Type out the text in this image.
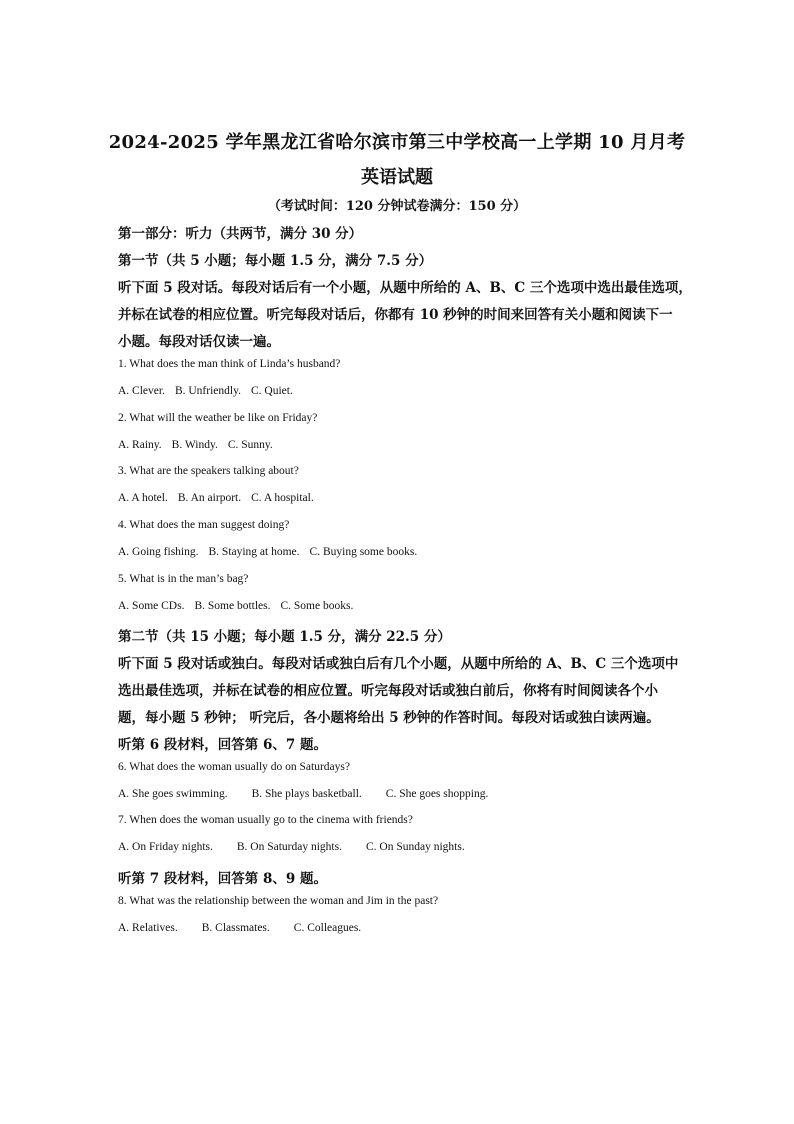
2024-2025 学年黑龙江省哈尔滨市第三中学校高一上学期 10 月月考
英语试题
（考试时间：120 分钟试卷满分：150 分）
第一部分：听力（共两节，满分 30 分）
第一节（共 5 小题；每小题 1.5 分，满分 7.5 分）
听下面 5 段对话。每段对话后有一个小题，从题中所给的 A、B、C 三个选项中选出最佳选项，
并标在试卷的相应位置。听完每段对话后，你都有 10 秒钟的时间来回答有关小题和阅读下一
小题。每段对话仅读一遍。
1. What does the man think of Linda’s husband?
A. Clever. B. Unfriendly. C. Quiet.
2. What will the weather be like on Friday?
A. Rainy. B. Windy. C. Sunny.
3. What are the speakers talking about?
A. A hotel. B. An airport. C. A hospital.
4. What does the man suggest doing?
A. Going fishing. B. Staying at home. C. Buying some books.
5. What is in the man’s bag?
A. Some CDs. B. Some bottles. C. Some books.
第二节（共 15 小题；每小题 1.5 分，满分 22.5 分）
听下面 5 段对话或独白。每段对话或独白后有几个小题，从题中所给的 A、B、C 三个选项中
选出最佳选项，并标在试卷的相应位置。听完每段对话或独白前后，你将有时间阅读各个小
题，每小题 5 秒钟； 听完后，各小题将给出 5 秒钟的作答时间。每段对话或独白读两遍。
听第 6 段材料，回答第 6、7 题。
6. What does the woman usually do on Saturdays?
A. She goes swimming. B. She plays basketball. C. She goes shopping.
7. When does the woman usually go to the cinema with friends?
A. On Friday nights. B. On Saturday nights. C. On Sunday nights.
听第 7 段材料，回答第 8、9 题。
8. What was the relationship between the woman and Jim in the past?
A. Relatives. B. Classmates. C. Colleagues.
